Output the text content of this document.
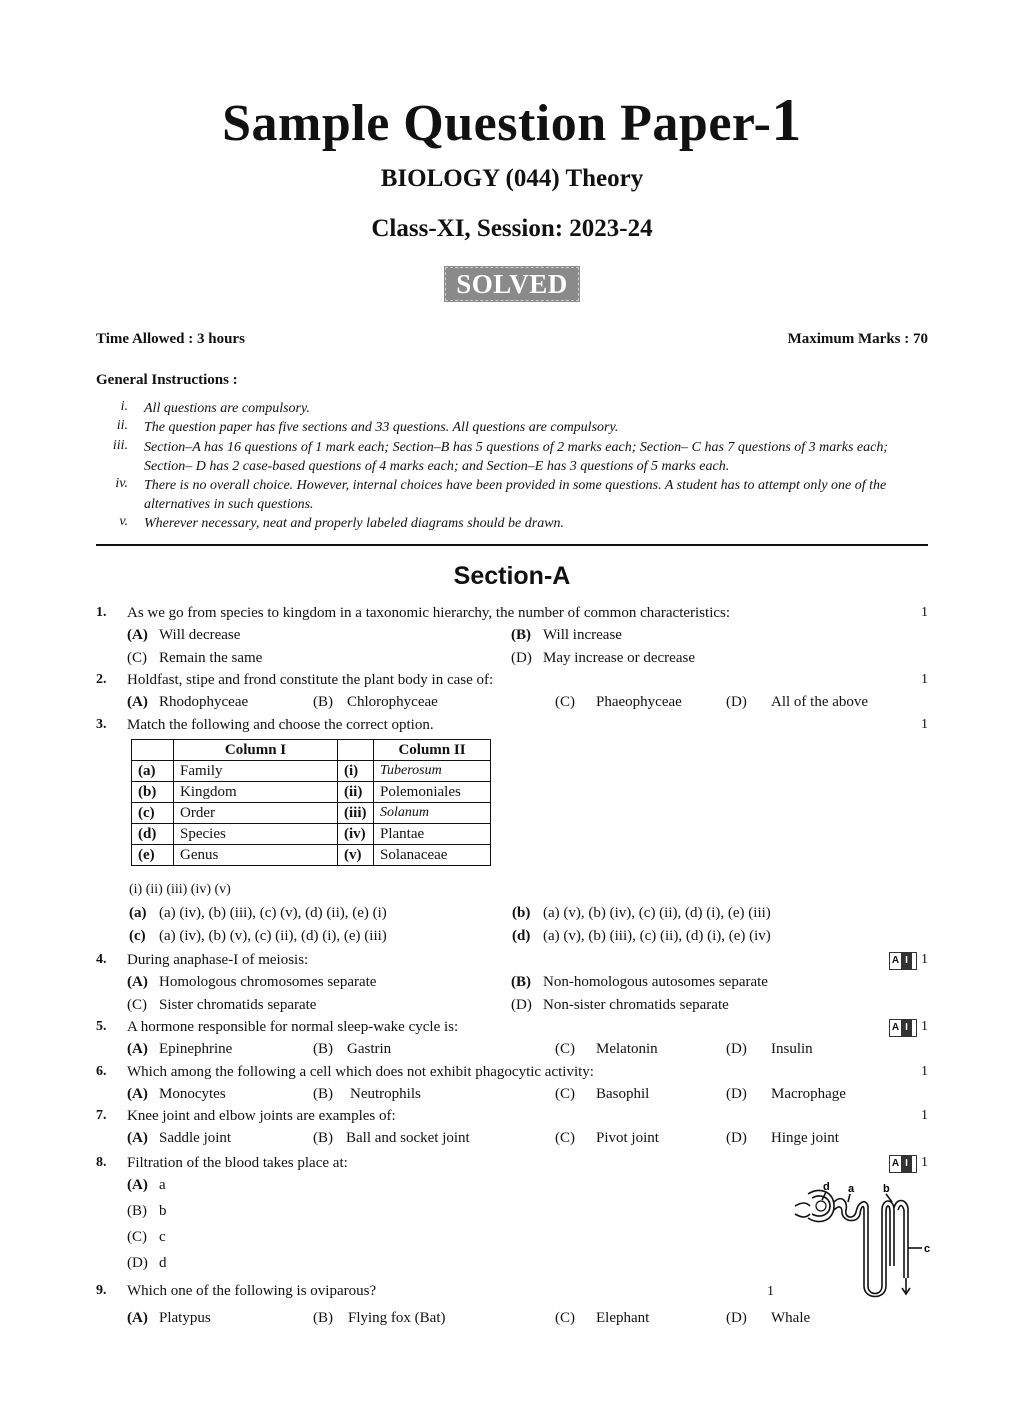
Sample Question Paper-1
BIOLOGY (044) Theory
Class-XI, Session: 2023-24
SOLVED
Time Allowed : 3 hours	Maximum Marks : 70
General Instructions :
i. All questions are compulsory.
ii. The question paper has five sections and 33 questions. All questions are compulsory.
iii. Section–A has 16 questions of 1 mark each; Section–B has 5 questions of 2 marks each; Section– C has 7 questions of 3 marks each; Section– D has 2 case-based questions of 4 marks each; and Section–E has 3 questions of 5 marks each.
iv. There is no overall choice. However, internal choices have been provided in some questions. A student has to attempt only one of the alternatives in such questions.
v. Wherever necessary, neat and properly labeled diagrams should be drawn.
Section-A
1. As we go from species to kingdom in a taxonomic hierarchy, the number of common characteristics:	1
(A) Will decrease	(B) Will increase
(C) Remain the same	(D) May increase or decrease
2. Holdfast, stipe and frond constitute the plant body in case of:	1
(A) Rhodophyceae	(B) Chlorophyceae	(C) Phaeophyceae	(D) All of the above
3. Match the following and choose the correct option.	1
	Column I		Column II
(a)	Family	(i)	Tuberosum
(b)	Kingdom	(ii)	Polemoniales
(c)	Order	(iii)	Solanum
(d)	Species	(iv)	Plantae
(e)	Genus	(v)	Solanaceae
(i) (ii) (iii) (iv) (v)
(a) (a) (iv), (b) (iii), (c) (v), (d) (ii), (e) (i)	(b) (a) (v), (b) (iv), (c) (ii), (d) (i), (e) (iii)
(c) (a) (iv), (b) (v), (c) (ii), (d) (i), (e) (iii)	(d) (a) (v), (b) (iii), (c) (ii), (d) (i), (e) (iv)
4. During anaphase-I of meiosis:	A I 1
(A) Homologous chromosomes separate	(B) Non-homologous autosomes separate
(C) Sister chromatids separate	(D) Non-sister chromatids separate
5. A hormone responsible for normal sleep-wake cycle is:	A I 1
(A) Epinephrine	(B) Gastrin	(C) Melatonin	(D) Insulin
6. Which among the following a cell which does not exhibit phagocytic activity:	1
(A) Monocytes	(B) Neutrophils	(C) Basophil	(D) Macrophage
7. Knee joint and elbow joints are examples of:	1
(A) Saddle joint	(B) Ball and socket joint	(C) Pivot joint	(D) Hinge joint
8. Filtration of the blood takes place at:	A I 1
(A) a
(B) b
(C) c
(D) d
d a	b
c
9. Which one of the following is oviparous?	1
(A) Platypus	(B) Flying fox (Bat)	(C) Elephant	(D) Whale
